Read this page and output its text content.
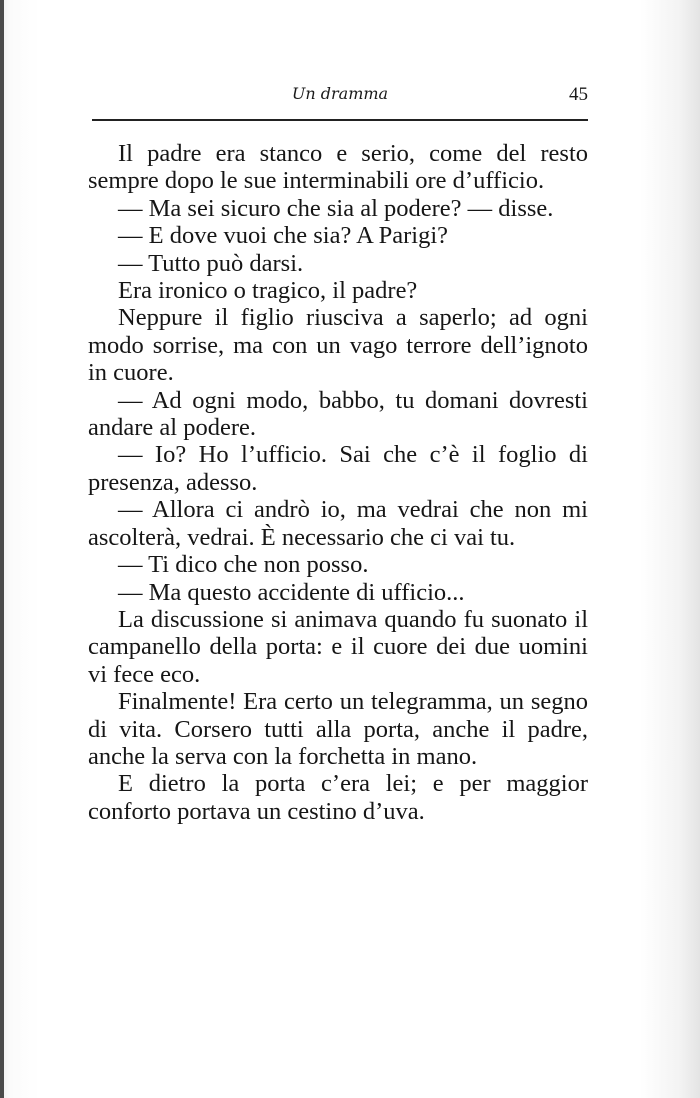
Un dramma	45

Il padre era stanco e serio, come del resto sempre dopo le sue interminabili ore d’ufficio.

— Ma sei sicuro che sia al podere? — disse.

— E dove vuoi che sia? A Parigi?

— Tutto può darsi.

Era ironico o tragico, il padre?

Neppure il figlio riusciva a saperlo; ad ogni modo sorrise, ma con un vago terrore dell’ignoto in cuore.

— Ad ogni modo, babbo, tu domani dovresti andare al podere.

— Io? Ho l’ufficio. Sai che c’è il foglio di presenza, adesso.

— Allora ci andrò io, ma vedrai che non mi ascolterà, vedrai. È necessario che ci vai tu.

— Ti dico che non posso.

— Ma questo accidente di ufficio...

La discussione si animava quando fu suonato il campanello della porta: e il cuore dei due uomini vi fece eco.

Finalmente! Era certo un telegramma, un segno di vita. Corsero tutti alla porta, anche il padre, anche la serva con la forchetta in mano.

E dietro la porta c’era lei; e per maggior conforto portava un cestino d’uva.
